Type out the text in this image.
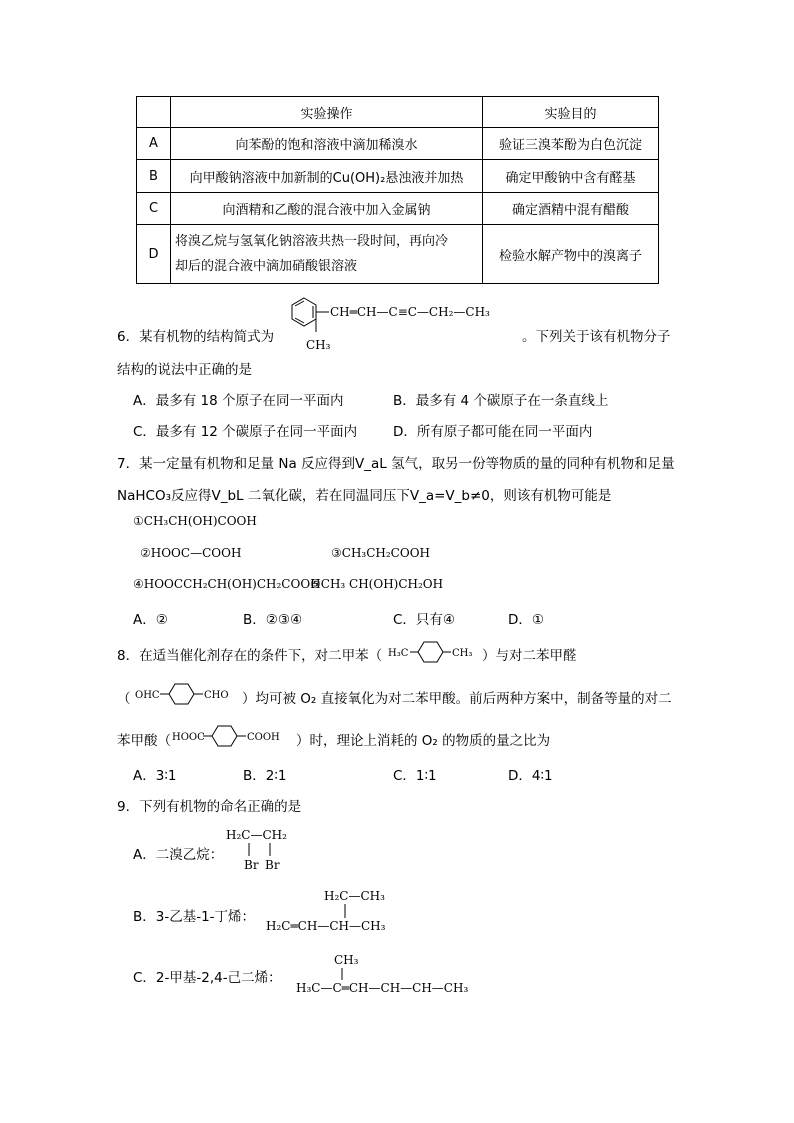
	实验操作	实验目的
A	向苯酚的饱和溶液中滴加稀溴水	验证三溴苯酚为白色沉淀
B	向甲酸钠溶液中加新制的Cu(OH)₂悬浊液并加热	确定甲酸钠中含有醛基
C	向酒精和乙酸的混合液中加入金属钠	确定酒精中混有醋酸
D	将溴乙烷与氢氧化钠溶液共热一段时间，再向冷
却后的混合液中滴加硝酸银溶液	检验水解产物中的溴离子
CH═CH—C≡C—CH₂—CH₃
CH₃
6．某有机物的结构简式为	。下列关于该有机物分子
结构的说法中正确的是
A．最多有 18 个原子在同一平面内	B．最多有 4 个碳原子在一条直线上
C．最多有 12 个碳原子在同一平面内	D．所有原子都可能在同一平面内
7．某一定量有机物和足量 Na 反应得到V_aL 氢气，取另一份等物质的量的同种有机物和足量
NaHCO₃反应得V_bL 二氧化碳，若在同温同压下V_a=V_b≠0，则该有机物可能是
①CH₃CH(OH)COOH
②HOOC—COOH	③CH₃CH₂COOH
④HOOCCH₂CH(OH)CH₂COOH
⑤CH₃ CH(OH)CH₂OH
A．②	B．②③④	C．只有④	D．①
8．在适当催化剂存在的条件下，对二甲苯（ H₃C	CH₃ ）与对二苯甲醛
（ OHC	CHO ）均可被 O₂ 直接氧化为对二苯甲酸。前后两种方案中，制备等量的对二
苯甲酸（ HOOC	COOH ）时，理论上消耗的 O₂ 的物质的量之比为
A．3∶1	B．2∶1	C．1∶1	D．4∶1
9．下列有机物的命名正确的是
A．二溴乙烷：
H₂C—CH₂
Br Br
B．3-乙基-1-丁烯：
H₂C—CH₃
H₂C═CH—CH—CH₃
C．2-甲基-2,4-己二烯：
CH₃
H₃C—C═CH—CH—CH—CH₃
